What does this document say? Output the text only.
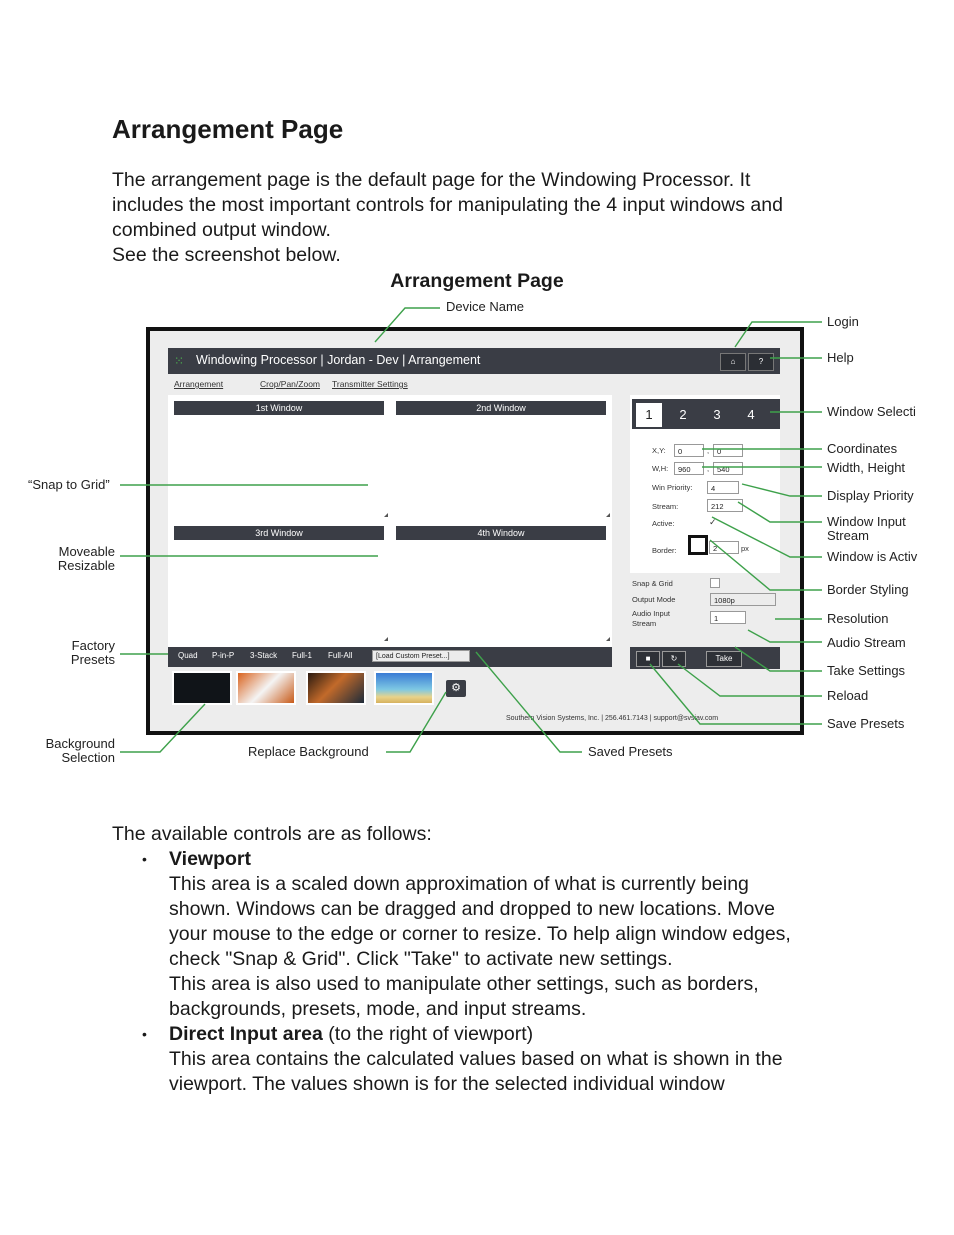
Arrangement Page
The arrangement page is the default page for the Windowing Processor. It
includes the most important controls for manipulating the 4 input windows and
combined output window.
See the screenshot below.
Arrangement Page
⁙ Windowing Processor | Jordan - Dev | Arrangement	⌂	?
Arrangement	Crop/Pan/Zoom Transmitter Settings
1st Window	2nd Window
3rd Window	4th Window
Quad P-in-P 3-Stack Full-1 Full-All	[Load Custom Preset...]
⚙
1	2	3	4
X,Y:	0	,	0
W,H:	960	,	540
Win Priority:	4
Stream:	212
Active:	✓
Border:	2	px
Snap & Grid
Output Mode	1080p
Audio Input
Stream
1
■	↻	Take
Southern Vision Systems, Inc. | 256.461.7143 | support@svsiav.com
Device Name
Login
Help
Window Selecti
Coordinates
Width, Height
Display Priority
Window Input
Stream
Window is Activ
Border Styling
Resolution
Audio Stream
Take Settings
Reload
Save Presets
“Snap to Grid”
Moveable
Resizable
Factory
Presets
Background
Selection	Replace Background	Saved Presets
The available controls are as follows:
• Viewport
This area is a scaled down approximation of what is currently being
shown. Windows can be dragged and dropped to new locations. Move
your mouse to the edge or corner to resize. To help align window edges,
check "Snap & Grid". Click "Take" to activate new settings.
This area is also used to manipulate other settings, such as borders,
backgrounds, presets, mode, and input streams.
• Direct Input area (to the right of viewport)
This area contains the calculated values based on what is shown in the
viewport. The values shown is for the selected individual window
